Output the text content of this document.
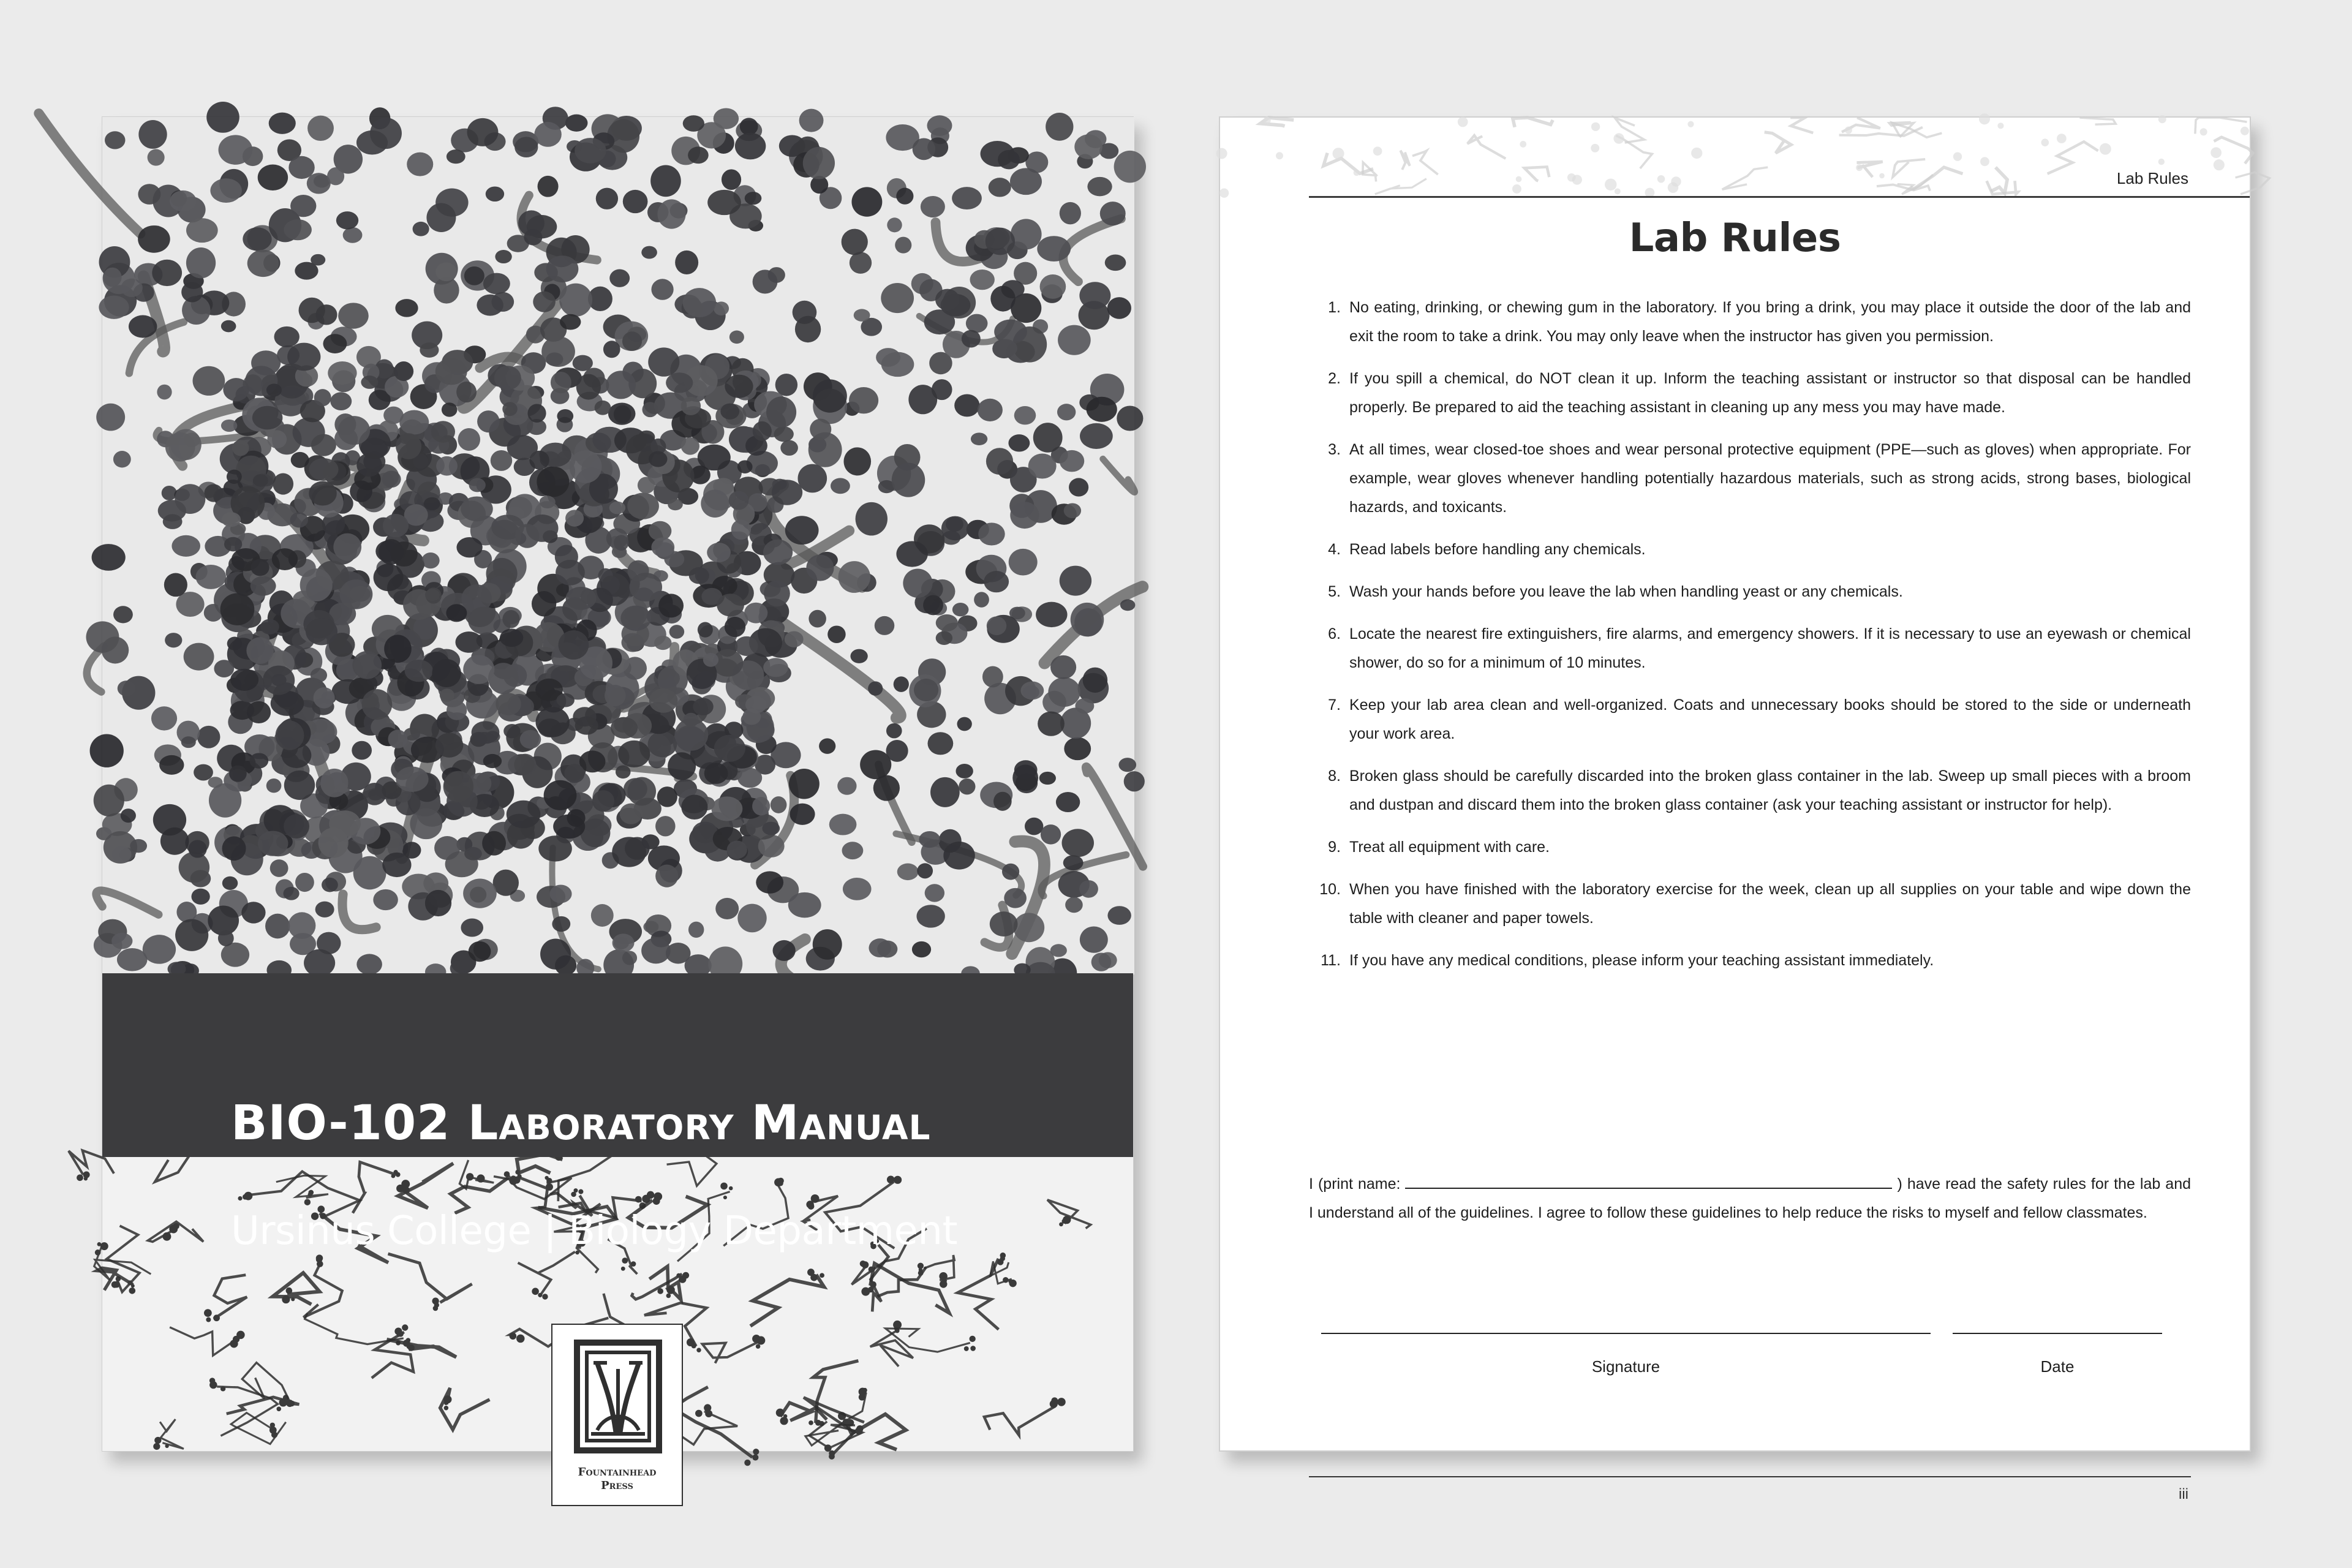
BIO-102 Laboratory Manual
Ursinus College | Biology Department
Fountainhead
Press
Lab Rules
Lab Rules
1. No eating, drinking, or chewing gum in the laboratory. If you bring a drink, you may place it outside the door of the lab and exit the room to take a drink. You may only leave when the instructor has given you permission.
2. If you spill a chemical, do NOT clean it up. Inform the teaching assistant or instructor so that disposal can be handled properly. Be prepared to aid the teaching assistant in cleaning up any mess you may have made.
3. At all times, wear closed-toe shoes and wear personal protective equipment (PPE—such as gloves) when appropriate. For example, wear gloves whenever handling potentially hazardous materials, such as strong acids, strong bases, biological hazards, and toxicants.
4. Read labels before handling any chemicals.
5. Wash your hands before you leave the lab when handling yeast or any chemicals.
6. Locate the nearest fire extinguishers, fire alarms, and emergency showers. If it is necessary to use an eyewash or chemical shower, do so for a minimum of 10 minutes.
7. Keep your lab area clean and well-organized. Coats and unnecessary books should be stored to the side or underneath your work area.
8. Broken glass should be carefully discarded into the broken glass container in the lab. Sweep up small pieces with a broom and dustpan and discard them into the broken glass container (ask your teaching assistant or instructor for help).
9. Treat all equipment with care.
10. When you have finished with the laboratory exercise for the week, clean up all supplies on your table and wipe down the table with cleaner and paper towels.
11. If you have any medical conditions, please inform your teaching assistant immediately.
I (print name:	) have read the safety rules for the lab and I understand all of the guidelines. I agree to follow these guidelines to help reduce the risks to myself and fellow classmates.
Signature	Date
iii
